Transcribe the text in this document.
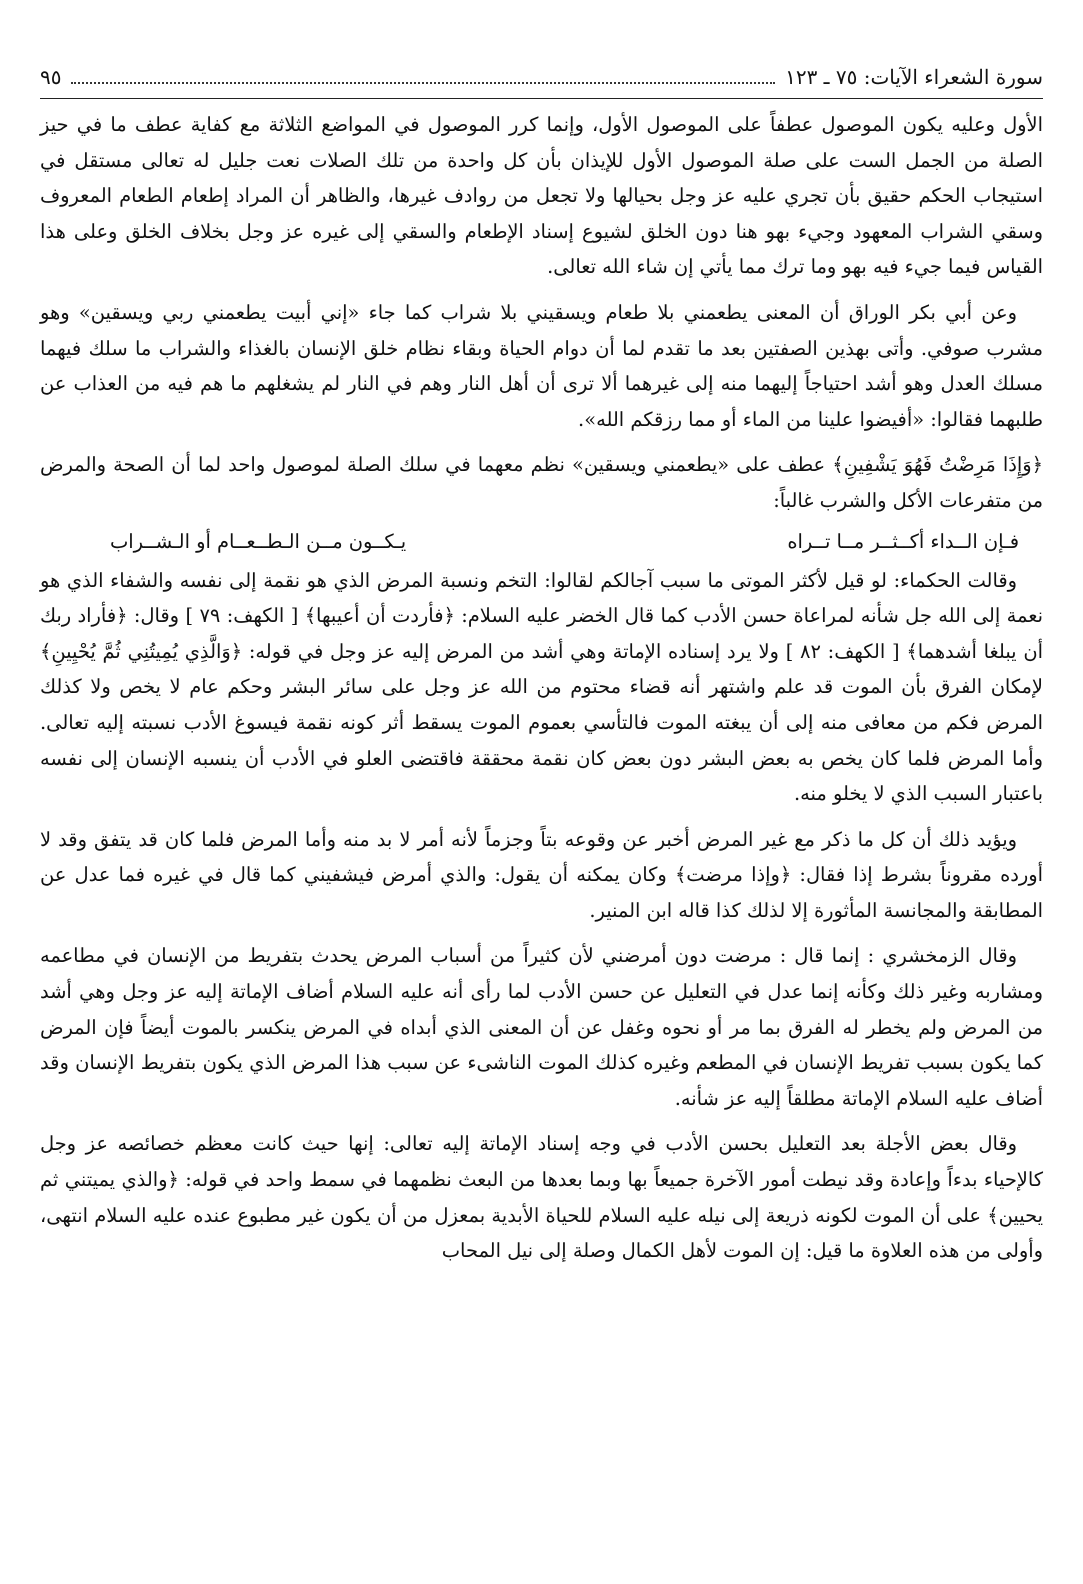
سورة الشعراء الآيات: ٧٥ ـ ١٢٣
٩٥

الأول وعليه يكون الموصول عطفاً على الموصول الأول، وإنما كرر الموصول في المواضع الثلاثة مع كفاية عطف ما في حيز الصلة من الجمل الست على صلة الموصول الأول للإيذان بأن كل واحدة من تلك الصلات نعت جليل له تعالى مستقل في استيجاب الحكم حقيق بأن تجري عليه عز وجل بحيالها ولا تجعل من روادف غيرها، والظاهر أن المراد إطعام الطعام المعروف وسقي الشراب المعهود وجيء بهو هنا دون الخلق لشيوع إسناد الإطعام والسقي إلى غيره عز وجل بخلاف الخلق وعلى هذا القياس فيما جيء فيه بهو وما ترك مما يأتي إن شاء الله تعالى.

وعن أبي بكر الوراق أن المعنى يطعمني بلا طعام ويسقيني بلا شراب كما جاء «إني أبيت يطعمني ربي ويسقين» وهو مشرب صوفي. وأتى بهذين الصفتين بعد ما تقدم لما أن دوام الحياة وبقاء نظام خلق الإنسان بالغذاء والشراب ما سلك فيهما مسلك العدل وهو أشد احتياجاً إليهما منه إلى غيرهما ألا ترى أن أهل النار وهم في النار لم يشغلهم ما هم فيه من العذاب عن طلبهما فقالوا: «أفيضوا علينا من الماء أو مما رزقكم الله».

﴿وَإِذَا مَرِضْتُ فَهُوَ يَشْفِينِ﴾ عطف على «يطعمني ويسقين» نظم معهما في سلك الصلة لموصول واحد لما أن الصحة والمرض من متفرعات الأكل والشرب غالباً:

فـإن الــداء أكــثــر مــا تــراه
يـكــون مــن الـطــعــام أو الـشــراب

وقالت الحكماء: لو قيل لأكثر الموتى ما سبب آجالكم لقالوا: التخم ونسبة المرض الذي هو نقمة إلى نفسه والشفاء الذي هو نعمة إلى الله جل شأنه لمراعاة حسن الأدب كما قال الخضر عليه السلام: ﴿فأردت أن أعيبها﴾ [ الكهف: ٧٩ ] وقال: ﴿فأراد ربك أن يبلغا أشدهما﴾ [ الكهف: ٨٢ ] ولا يرد إسناده الإماتة وهي أشد من المرض إليه عز وجل في قوله: ﴿وَالَّذِي يُمِيتُنِي ثُمَّ يُحْيِينِ﴾ لإمكان الفرق بأن الموت قد علم واشتهر أنه قضاء محتوم من الله عز وجل على سائر البشر وحكم عام لا يخص ولا كذلك المرض فكم من معافى منه إلى أن يبغته الموت فالتأسي بعموم الموت يسقط أثر كونه نقمة فيسوغ الأدب نسبته إليه تعالى. وأما المرض فلما كان يخص به بعض البشر دون بعض كان نقمة محققة فاقتضى العلو في الأدب أن ينسبه الإنسان إلى نفسه باعتبار السبب الذي لا يخلو منه.

ويؤيد ذلك أن كل ما ذكر مع غير المرض أخبر عن وقوعه بتاً وجزماً لأنه أمر لا بد منه وأما المرض فلما كان قد يتفق وقد لا أورده مقروناً بشرط إذا فقال: ﴿وإذا مرضت﴾ وكان يمكنه أن يقول: والذي أمرض فيشفيني كما قال في غيره فما عدل عن المطابقة والمجانسة المأثورة إلا لذلك كذا قاله ابن المنير.

وقال الزمخشري : إنما قال : مرضت دون أمرضني لأن كثيراً من أسباب المرض يحدث بتفريط من الإنسان في مطاعمه ومشاربه وغير ذلك وكأنه إنما عدل في التعليل عن حسن الأدب لما رأى أنه عليه السلام أضاف الإماتة إليه عز وجل وهي أشد من المرض ولم يخطر له الفرق بما مر أو نحوه وغفل عن أن المعنى الذي أبداه في المرض ينكسر بالموت أيضاً فإن المرض كما يكون بسبب تفريط الإنسان في المطعم وغيره كذلك الموت الناشىء عن سبب هذا المرض الذي يكون بتفريط الإنسان وقد أضاف عليه السلام الإماتة مطلقاً إليه عز شأنه.

وقال بعض الأجلة بعد التعليل بحسن الأدب في وجه إسناد الإماتة إليه تعالى: إنها حيث كانت معظم خصائصه عز وجل كالإحياء بدءاً وإعادة وقد نيطت أمور الآخرة جميعاً بها وبما بعدها من البعث نظمهما في سمط واحد في قوله: ﴿والذي يميتني ثم يحيين﴾ على أن الموت لكونه ذريعة إلى نيله عليه السلام للحياة الأبدية بمعزل من أن يكون غير مطبوع عنده عليه السلام انتهى، وأولى من هذه العلاوة ما قيل: إن الموت لأهل الكمال وصلة إلى نيل المحاب
